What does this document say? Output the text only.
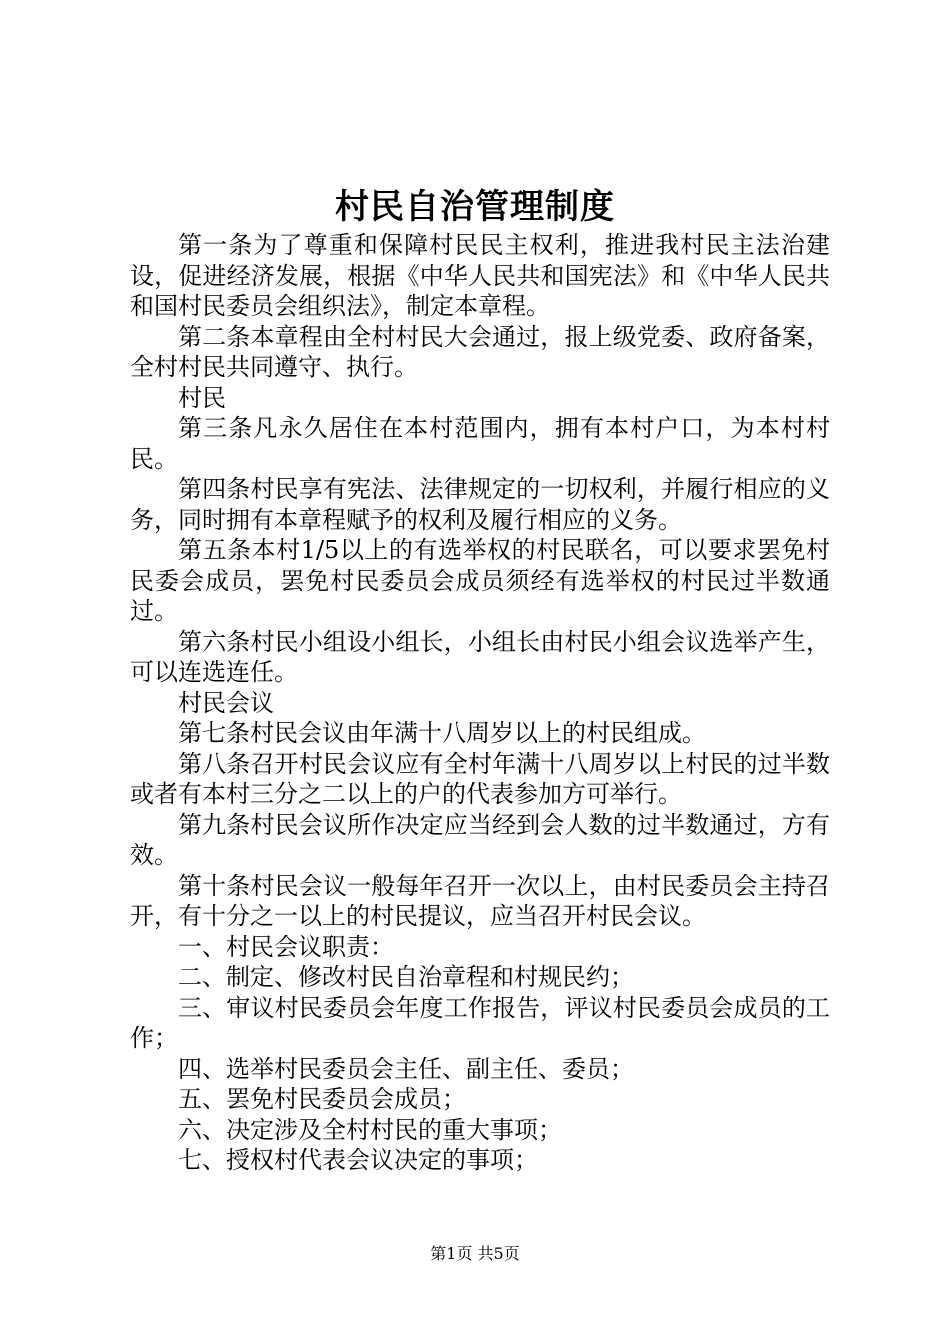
村民自治管理制度

第一条为了尊重和保障村民民主权利，推进我村民主法治建设，促进经济发展，根据《中华人民共和国宪法》和《中华人民共和国村民委员会组织法》，制定本章程。

第二条本章程由全村村民大会通过，报上级党委、政府备案，全村村民共同遵守、执行。

村民

第三条凡永久居住在本村范围内，拥有本村户口，为本村村民。

第四条村民享有宪法、法律规定的一切权利，并履行相应的义务，同时拥有本章程赋予的权利及履行相应的义务。

第五条本村1/5以上的有选举权的村民联名，可以要求罢免村民委会成员，罢免村民委员会成员须经有选举权的村民过半数通过。

第六条村民小组设小组长，小组长由村民小组会议选举产生，可以连选连任。

村民会议

第七条村民会议由年满十八周岁以上的村民组成。

第八条召开村民会议应有全村年满十八周岁以上村民的过半数或者有本村三分之二以上的户的代表参加方可举行。

第九条村民会议所作决定应当经到会人数的过半数通过，方有效。

第十条村民会议一般每年召开一次以上，由村民委员会主持召开，有十分之一以上的村民提议，应当召开村民会议。

一、村民会议职责：

二、制定、修改村民自治章程和村规民约；

三、审议村民委员会年度工作报告，评议村民委员会成员的工作；

四、选举村民委员会主任、副主任、委员；

五、罢免村民委员会成员；

六、决定涉及全村村民的重大事项；

七、授权村代表会议决定的事项；

第1页 共5页
